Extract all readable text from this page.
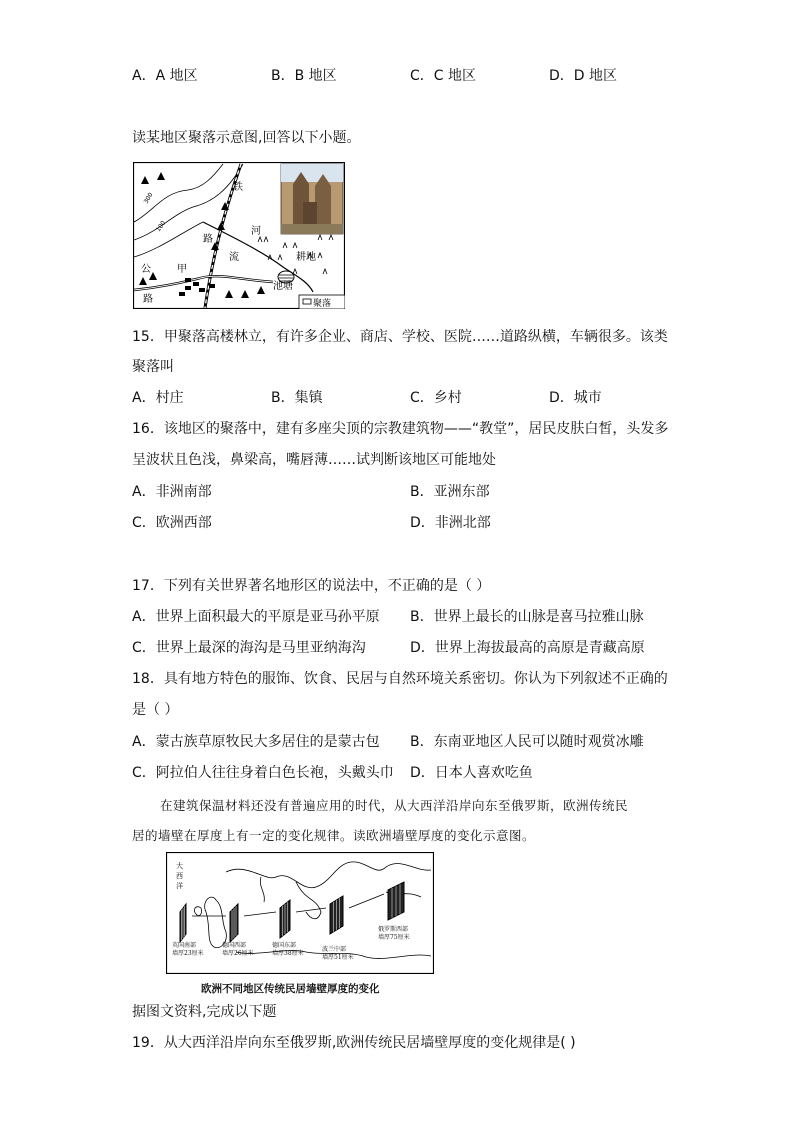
A．A 地区	B．B 地区	C．C 地区	D．D 地区
读某地区聚落示意图,回答以下小题。
300
100
聚落
铁
路
河
流	耕地
公
路
甲
池塘
15．甲聚落高楼林立，有许多企业、商店、学校、医院……道路纵横，车辆很多。该类
聚落叫
A．村庄	B．集镇	C．乡村	D．城市
16．该地区的聚落中，建有多座尖顶的宗教建筑物——“教堂”，居民皮肤白皙，头发多
呈波状且色浅，鼻梁高，嘴唇薄……试判断该地区可能地处
A．非洲南部	B．亚洲东部
C．欧洲西部	D．非洲北部
17．下列有关世界著名地形区的说法中，不正确的是（ ）
A．世界上面积最大的平原是亚马孙平原 B．世界上最长的山脉是喜马拉雅山脉
C．世界上最深的海沟是马里亚纳海沟	D．世界上海拔最高的高原是青藏高原
18．具有地方特色的服饰、饮食、民居与自然环境关系密切。你认为下列叙述不正确的
是（ ）
A．蒙古族草原牧民大多居住的是蒙古包 B．东南亚地区人民可以随时观赏冰雕
C．阿拉伯人往往身着白色长袍，头戴头巾 D．日本人喜欢吃鱼
在建筑保温材料还没有普遍应用的时代，从大西洋沿岸向东至俄罗斯，欧洲传统民
居的墙壁在厚度上有一定的变化规律。读欧洲墙壁厚度的变化示意图。
大
西
洋
英国南部
墙厚23厘米
德国西部
墙厚26厘米
德国东部
墙厚38厘米
波兰中部
墙厚51厘米
俄罗斯西部
墙厚75厘米
欧洲不同地区传统民居墙壁厚度的变化
据图文资料,完成以下题
19．从大西洋沿岸向东至俄罗斯,欧洲传统民居墙壁厚度的变化规律是( )
